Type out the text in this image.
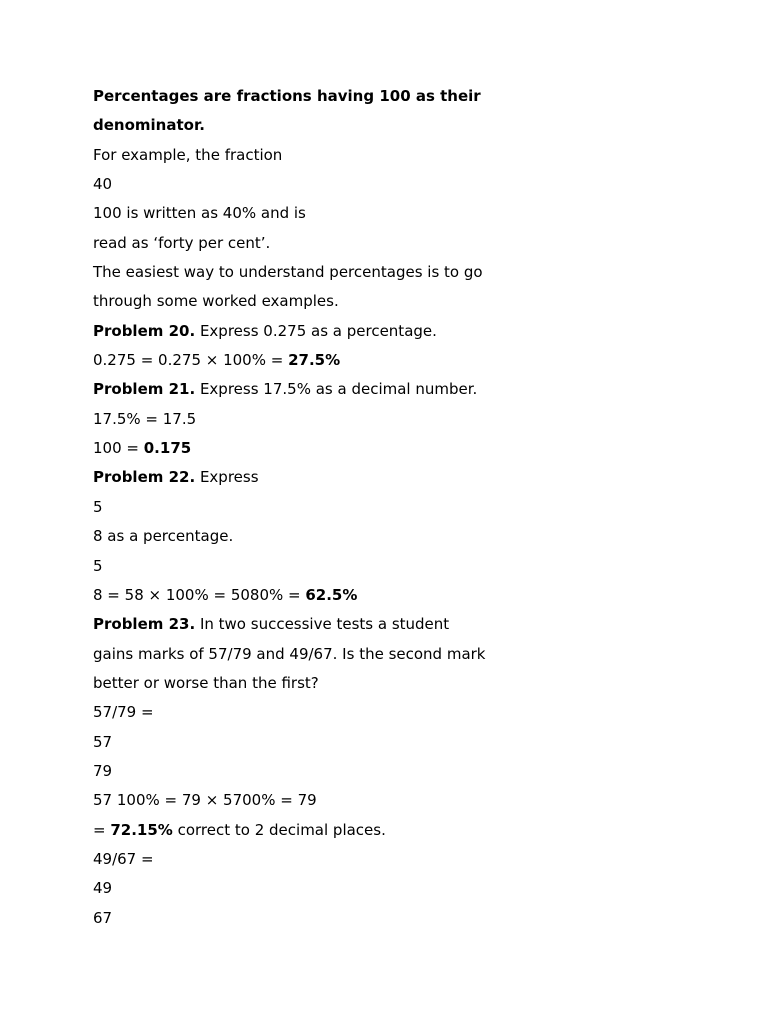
Percentages are fractions having 100 as their
denominator.
For example, the fraction
40
100 is written as 40% and is
read as ‘forty per cent’.
The easiest way to understand percentages is to go
through some worked examples.
Problem 20. Express 0.275 as a percentage.
0.275 = 0.275 × 100% = 27.5%
Problem 21. Express 17.5% as a decimal number.
17.5% = 17.5
100 = 0.175
Problem 22. Express
5
8 as a percentage.
5
8 = 58 × 100% = 5080% = 62.5%
Problem 23. In two successive tests a student
gains marks of 57/79 and 49/67. Is the second mark
better or worse than the first?
57/79 =
57
79
57 100% = 79 × 5700% = 79
= 72.15% correct to 2 decimal places.
49/67 =
49
67
